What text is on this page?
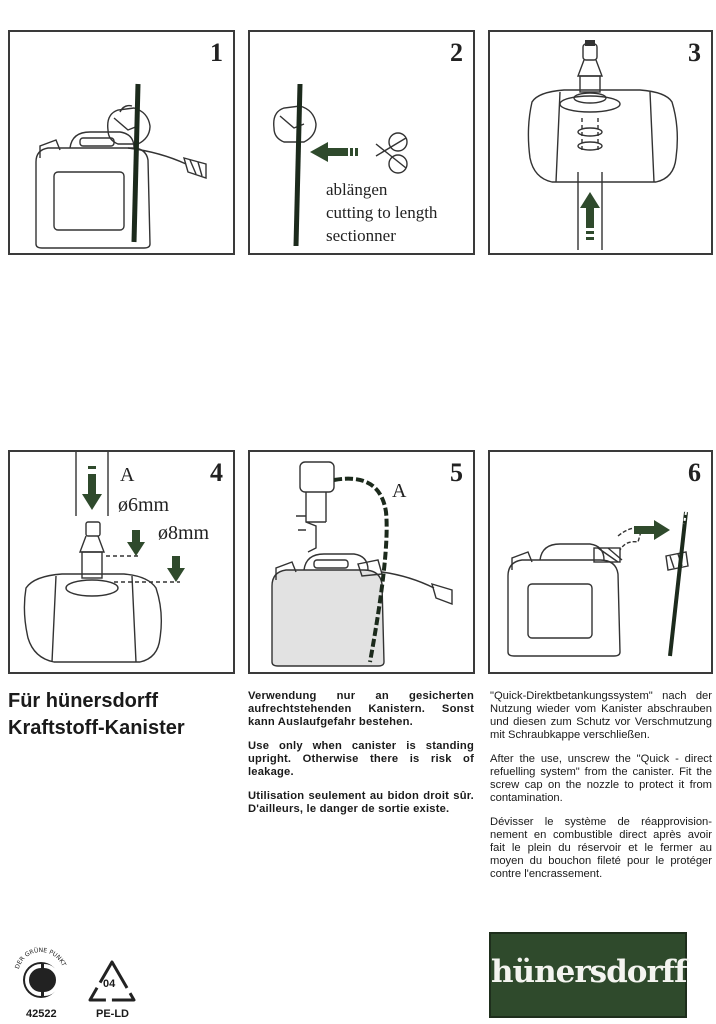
1	2
ablängen
cutting to length
sectionner
3
4
A
ø6mm
ø8mm
5
A
6
Für hünersdorff
Kraftstoff-Kanister

Verwendung nur an gesicherten aufrechtstehenden Kanistern. Sonst kann Auslaufgefahr bestehen.

Use only when canister is standing upright. Otherwise there is risk of leakage.

Utilisation seulement au bidon droit sûr. D'ailleurs, le danger de sortie existe.

"Quick-Direktbetankungssystem" nach der Nutzung wieder vom Kanister abschrauben und diesen zum Schutz vor Verschmutzung mit Schraubkappe verschließen.

After the use, unscrew the "Quick - direct refuelling system" from the canister. Fit the screw cap on the nozzle to protect it from contamination.

Dévisser le système de réapprovision-nement en combustible direct après avoir fait le plein du réservoir et le fermer au moyen du bouchon fileté pour le protéger contre l'encrassement.

DER GRÜNE PUNKT
42522
04
PE-LD
hünersdorff
